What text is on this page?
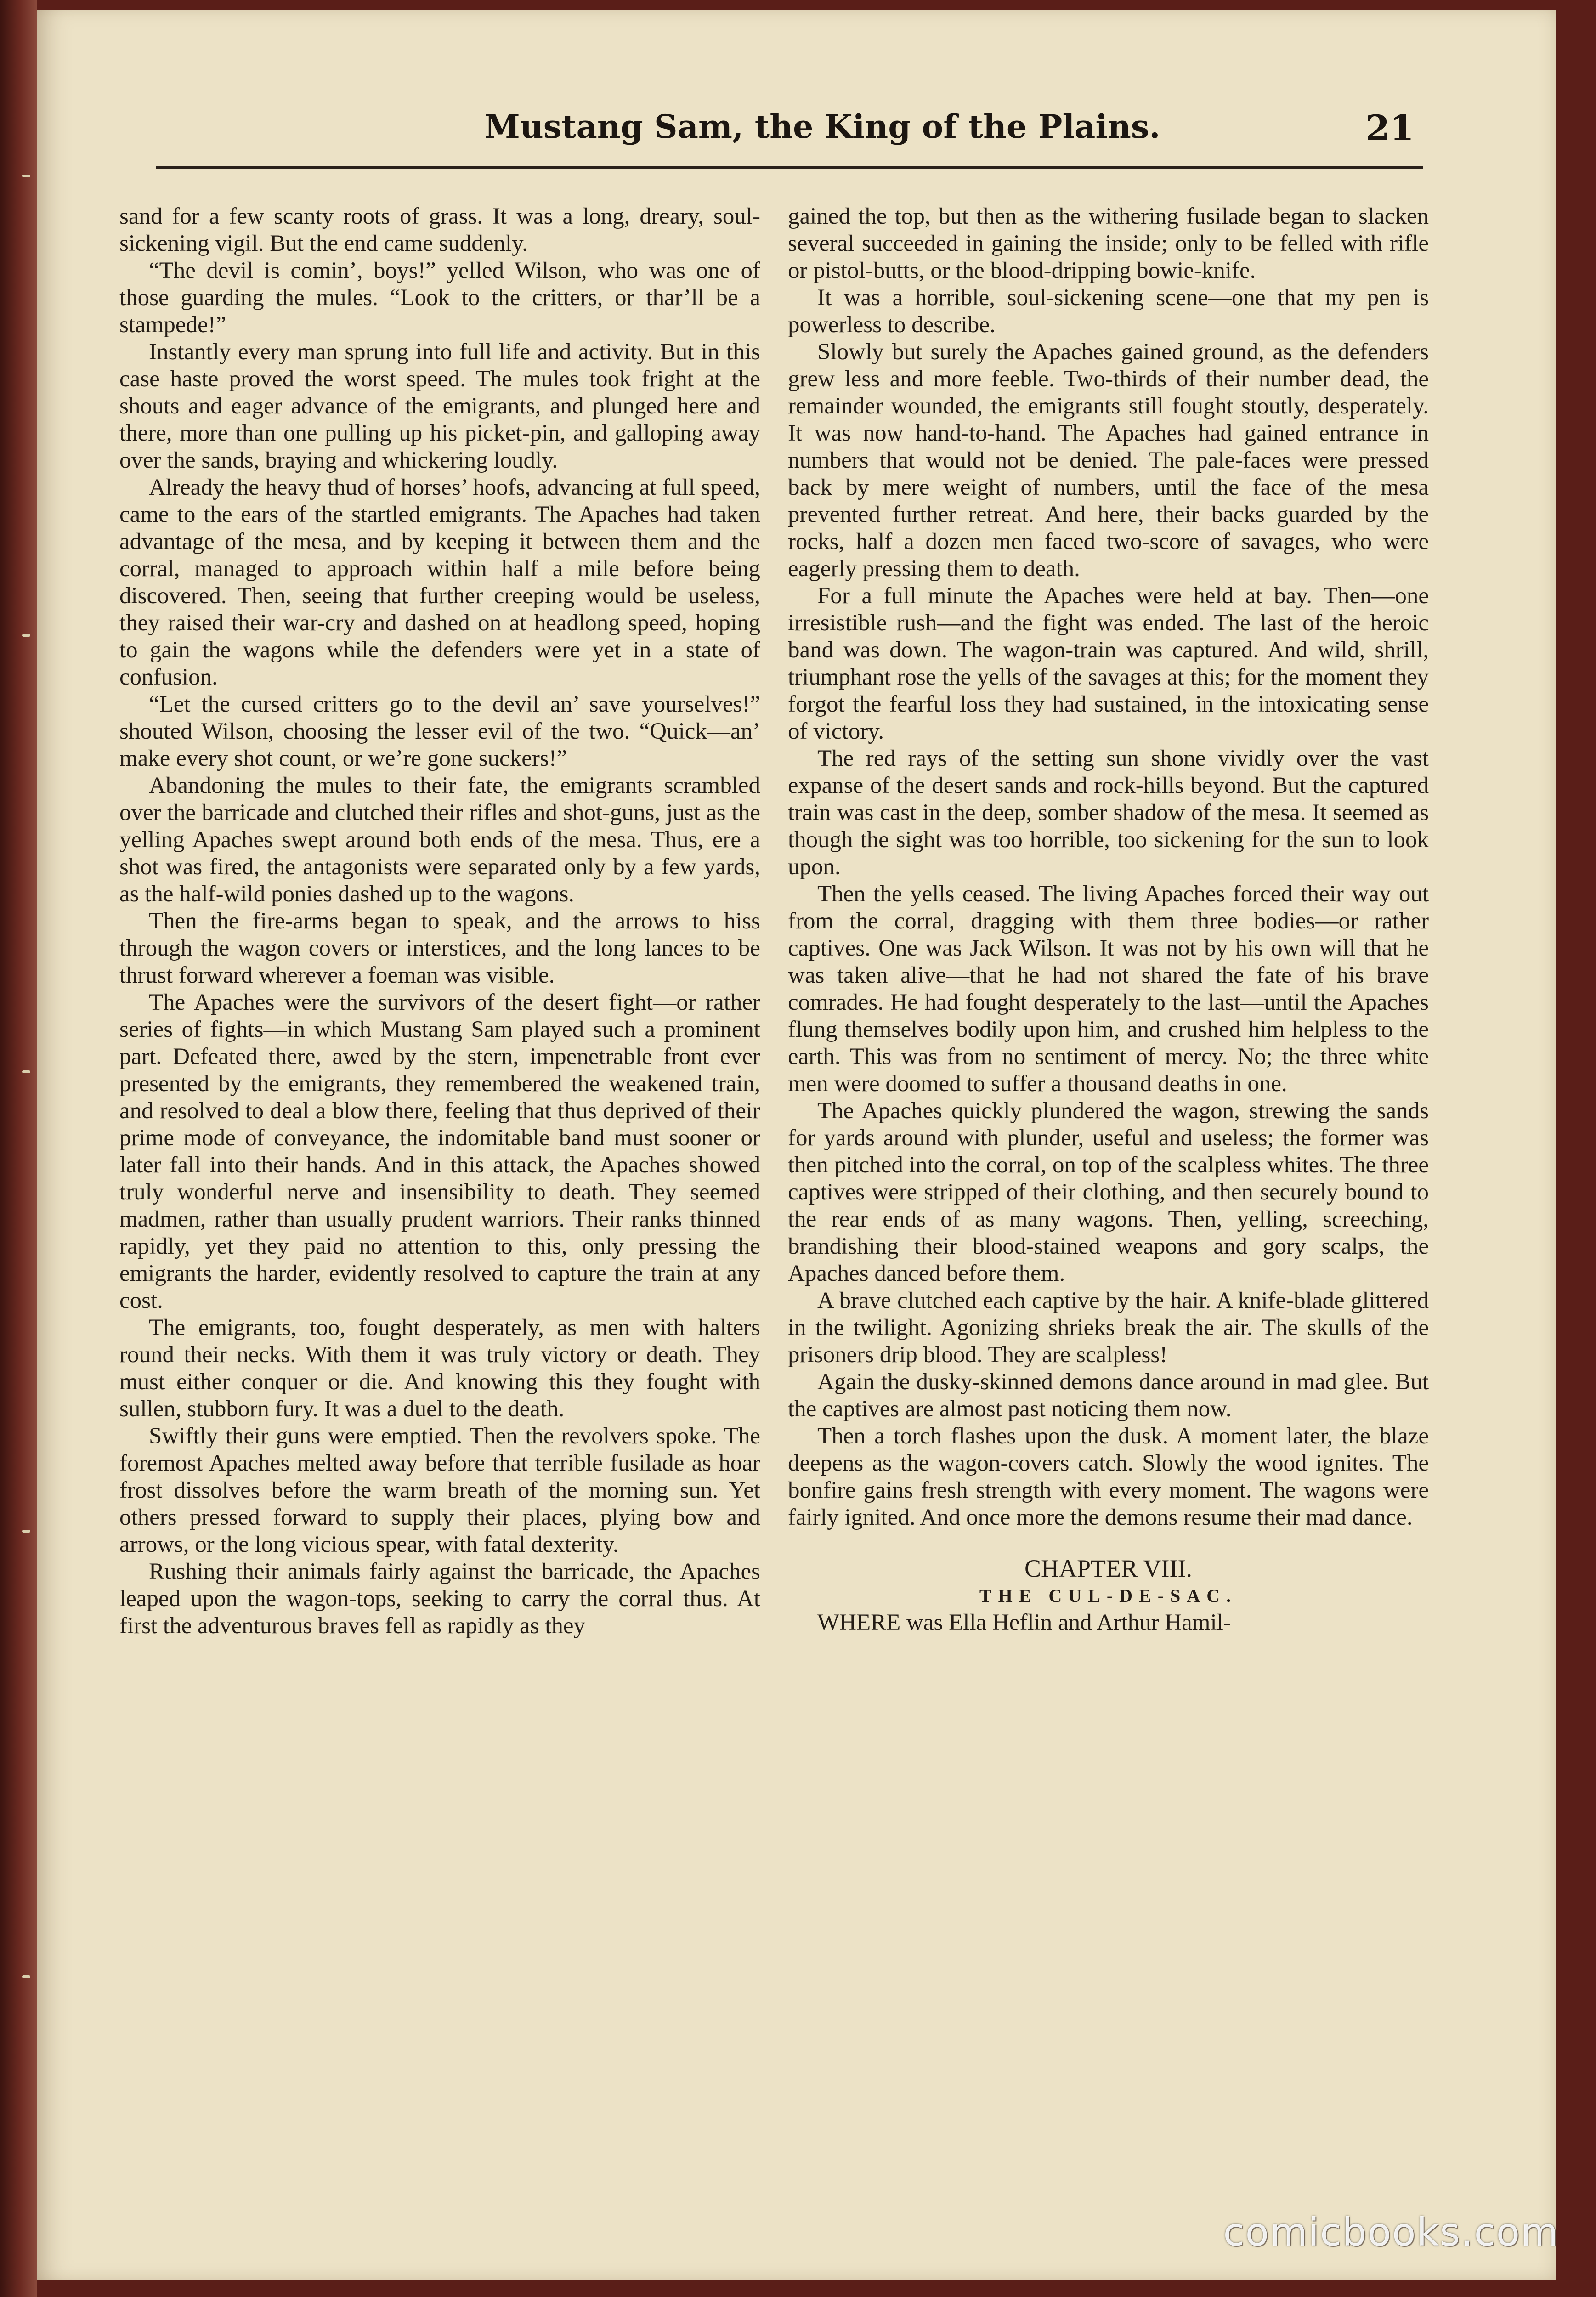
Mustang Sam, the King of the Plains.	21

sand for a few scanty roots of grass. It was a long, dreary, soul-sickening vigil. But the end came suddenly.

“The devil is comin’, boys!” yelled Wilson, who was one of those guarding the mules. “Look to the critters, or thar’ll be a stampede!”

Instantly every man sprung into full life and activity. But in this case haste proved the worst speed. The mules took fright at the shouts and eager advance of the emigrants, and plunged here and there, more than one pulling up his picket-pin, and galloping away over the sands, braying and whickering loudly.

Already the heavy thud of horses’ hoofs, advancing at full speed, came to the ears of the startled emigrants. The Apaches had taken advantage of the mesa, and by keeping it between them and the corral, managed to approach within half a mile before being discovered. Then, seeing that further creeping would be useless, they raised their war-cry and dashed on at headlong speed, hoping to gain the wagons while the defenders were yet in a state of confusion.

“Let the cursed critters go to the devil an’ save yourselves!” shouted Wilson, choosing the lesser evil of the two. “Quick—an’ make every shot count, or we’re gone suckers!”

Abandoning the mules to their fate, the emigrants scrambled over the barricade and clutched their rifles and shot-guns, just as the yelling Apaches swept around both ends of the mesa. Thus, ere a shot was fired, the antagonists were separated only by a few yards, as the half-wild ponies dashed up to the wagons.

Then the fire-arms began to speak, and the arrows to hiss through the wagon covers or interstices, and the long lances to be thrust forward wherever a foeman was visible.

The Apaches were the survivors of the desert fight—or rather series of fights—in which Mustang Sam played such a prominent part. Defeated there, awed by the stern, impenetrable front ever presented by the emigrants, they remembered the weakened train, and resolved to deal a blow there, feeling that thus deprived of their prime mode of conveyance, the indomitable band must sooner or later fall into their hands. And in this attack, the Apaches showed truly wonderful nerve and insensibility to death. They seemed madmen, rather than usually prudent warriors. Their ranks thinned rapidly, yet they paid no attention to this, only pressing the emigrants the harder, evidently resolved to capture the train at any cost.

The emigrants, too, fought desperately, as men with halters round their necks. With them it was truly victory or death. They must either conquer or die. And knowing this they fought with sullen, stubborn fury. It was a duel to the death.

Swiftly their guns were emptied. Then the revolvers spoke. The foremost Apaches melted away before that terrible fusilade as hoar frost dissolves before the warm breath of the morning sun. Yet others pressed forward to supply their places, plying bow and arrows, or the long vicious spear, with fatal dexterity.

Rushing their animals fairly against the barricade, the Apaches leaped upon the wagon-tops, seeking to carry the corral thus. At first the adventurous braves fell as rapidly as they

gained the top, but then as the withering fusilade began to slacken several succeeded in gaining the inside; only to be felled with rifle or pistol-butts, or the blood-dripping bowie-knife.

It was a horrible, soul-sickening scene—one that my pen is powerless to describe.

Slowly but surely the Apaches gained ground, as the defenders grew less and more feeble. Two-thirds of their number dead, the remainder wounded, the emigrants still fought stoutly, desperately. It was now hand-to-hand. The Apaches had gained entrance in numbers that would not be denied. The pale-faces were pressed back by mere weight of numbers, until the face of the mesa prevented further retreat. And here, their backs guarded by the rocks, half a dozen men faced two-score of savages, who were eagerly pressing them to death.

For a full minute the Apaches were held at bay. Then—one irresistible rush—and the fight was ended. The last of the heroic band was down. The wagon-train was captured. And wild, shrill, triumphant rose the yells of the savages at this; for the moment they forgot the fearful loss they had sustained, in the intoxicating sense of victory.

The red rays of the setting sun shone vividly over the vast expanse of the desert sands and rock-hills beyond. But the captured train was cast in the deep, somber shadow of the mesa. It seemed as though the sight was too horrible, too sickening for the sun to look upon.

Then the yells ceased. The living Apaches forced their way out from the corral, dragging with them three bodies—or rather captives. One was Jack Wilson. It was not by his own will that he was taken alive—that he had not shared the fate of his brave comrades. He had fought desperately to the last—until the Apaches flung themselves bodily upon him, and crushed him helpless to the earth. This was from no sentiment of mercy. No; the three white men were doomed to suffer a thousand deaths in one.

The Apaches quickly plundered the wagon, strewing the sands for yards around with plunder, useful and useless; the former was then pitched into the corral, on top of the scalpless whites. The three captives were stripped of their clothing, and then securely bound to the rear ends of as many wagons. Then, yelling, screeching, brandishing their blood-stained weapons and gory scalps, the Apaches danced before them.

A brave clutched each captive by the hair. A knife-blade glittered in the twilight. Agonizing shrieks break the air. The skulls of the prisoners drip blood. They are scalpless!

Again the dusky-skinned demons dance around in mad glee. But the captives are almost past noticing them now.

Then a torch flashes upon the dusk. A moment later, the blaze deepens as the wagon-covers catch. Slowly the wood ignites. The bonfire gains fresh strength with every moment. The wagons were fairly ignited. And once more the demons resume their mad dance.

CHAPTER VIII.
THE CUL-DE-SAC.

WHERE was Ella Heflin and Arthur Hamil-

comicbooks.com
